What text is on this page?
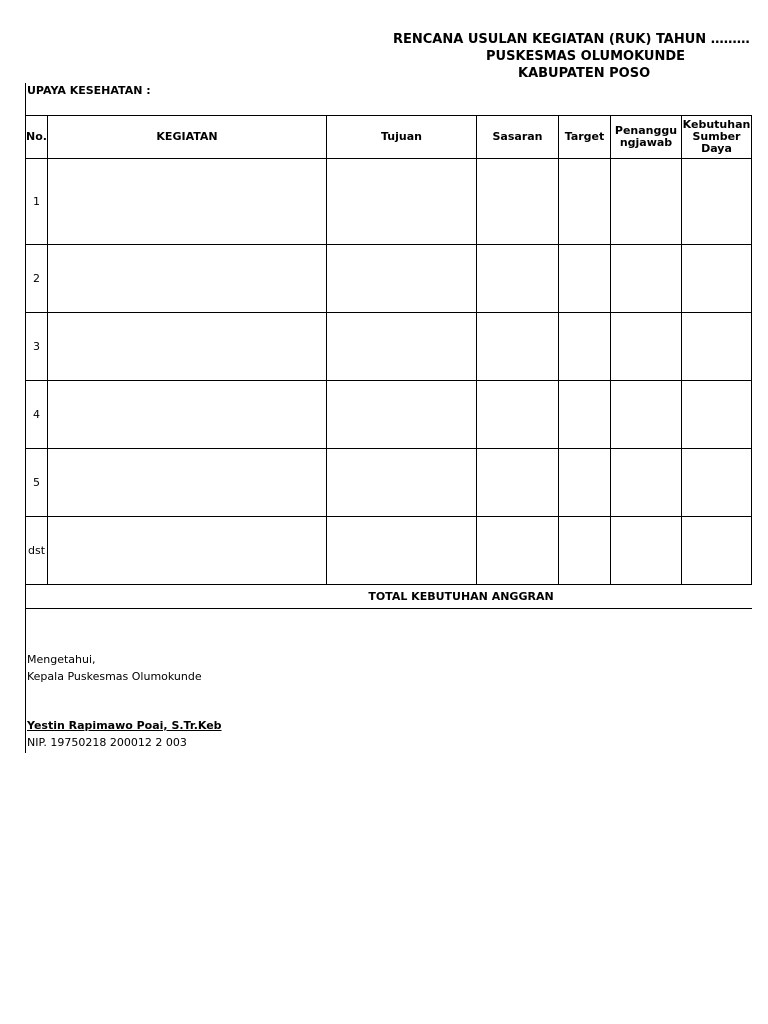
RENCANA USULAN KEGIATAN (RUK) TAHUN ………
PUSKESMAS OLUMOKUNDE
KABUPATEN POSO
UPAYA KESEHATAN :
No.	KEGIATAN	Tujuan	Sasaran	Target	Penanggungjawab	Kebutuhan Sumber Daya
1						
2						
3						
4						
5						
dst						
TOTAL KEBUTUHAN ANGGRAN						
Mengetahui,
Kepala Puskesmas Olumokunde
Yestin Rapimawo Poai, S.Tr.Keb
NIP. 19750218 200012 2 003
